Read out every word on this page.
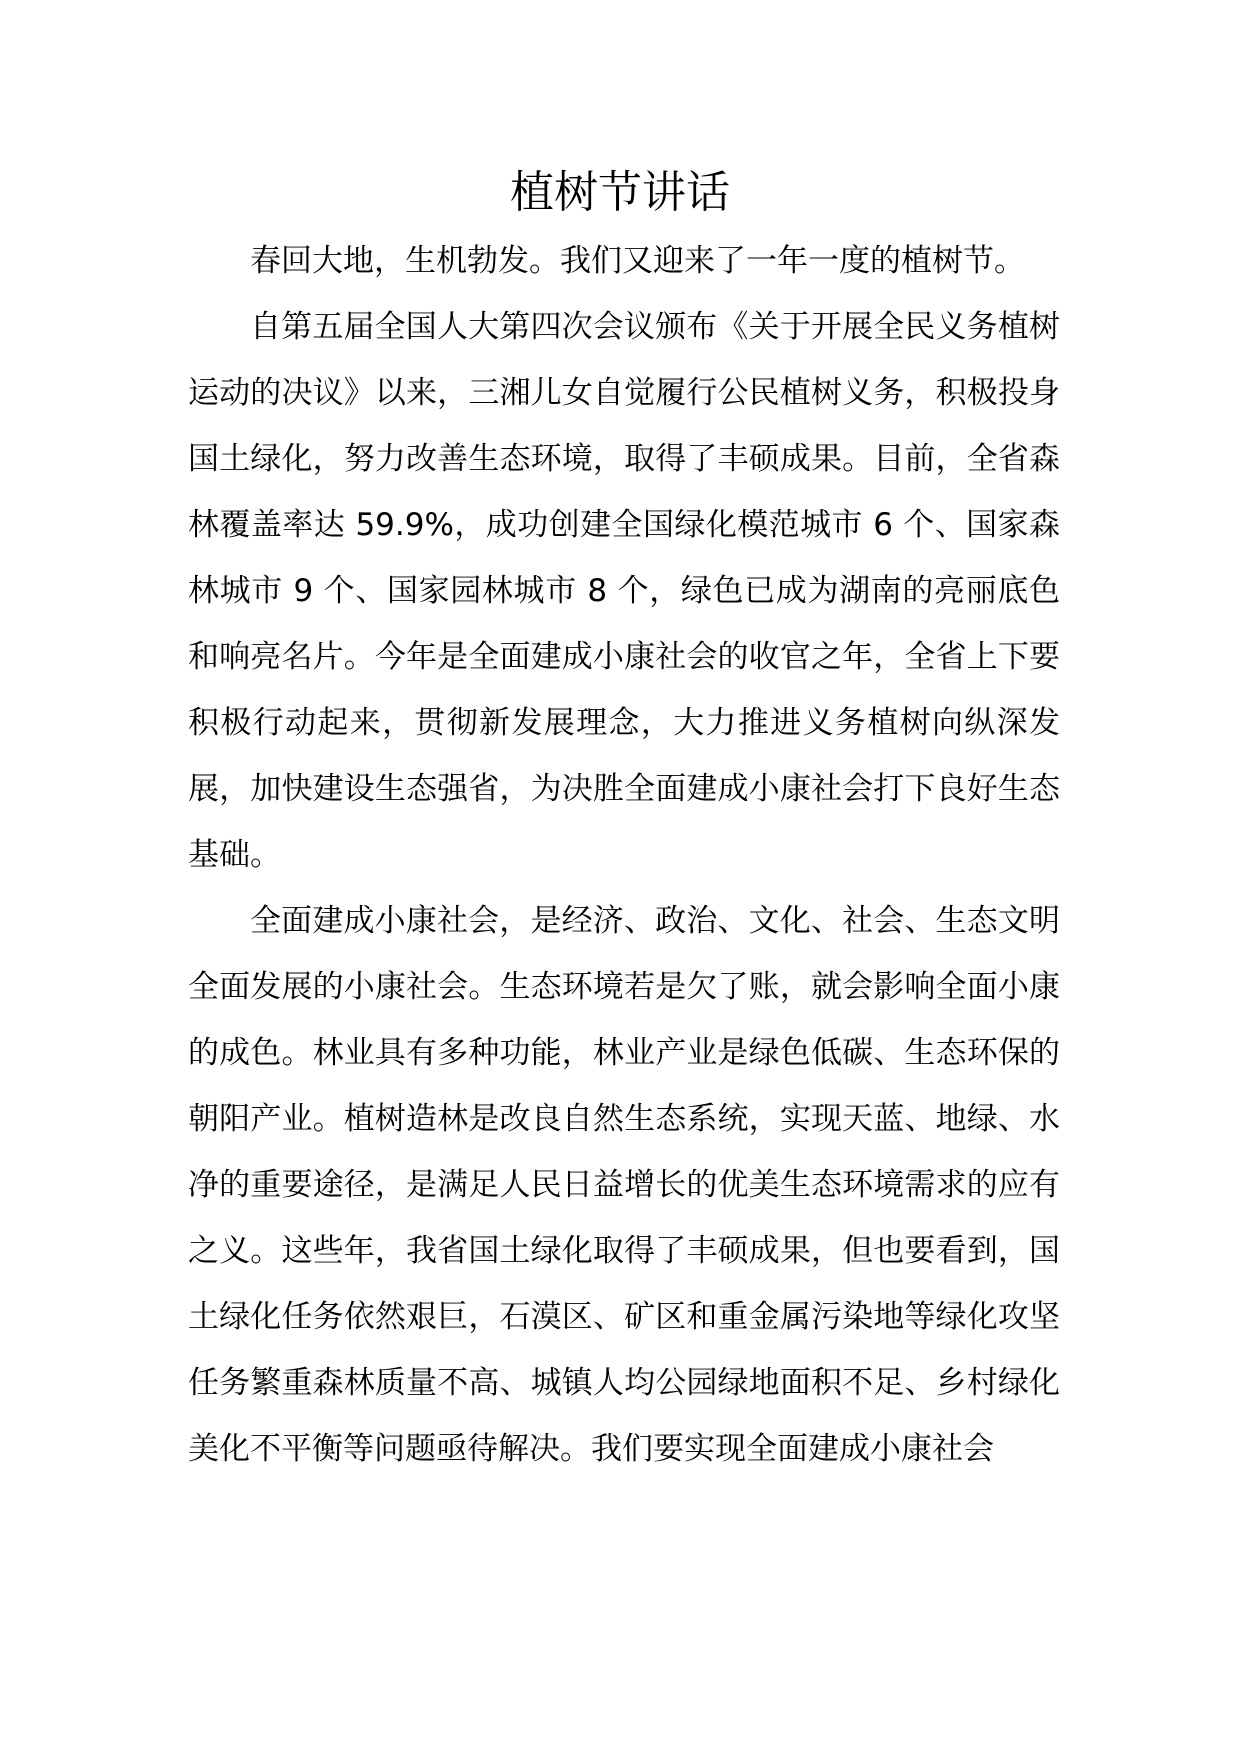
植树节讲话

春回大地，生机勃发。我们又迎来了一年一度的植树节。

自第五届全国人大第四次会议颁布《关于开展全民义务植树运动的决议》以来，三湘儿女自觉履行公民植树义务，积极投身国土绿化，努力改善生态环境，取得了丰硕成果。目前，全省森林覆盖率达 59.9%，成功创建全国绿化模范城市 6 个、国家森林城市 9 个、国家园林城市 8 个，绿色已成为湖南的亮丽底色和响亮名片。今年是全面建成小康社会的收官之年，全省上下要积极行动起来，贯彻新发展理念，大力推进义务植树向纵深发展，加快建设生态强省，为决胜全面建成小康社会打下良好生态基础。

全面建成小康社会，是经济、政治、文化、社会、生态文明全面发展的小康社会。生态环境若是欠了账，就会影响全面小康的成色。林业具有多种功能，林业产业是绿色低碳、生态环保的朝阳产业。植树造林是改良自然生态系统，实现天蓝、地绿、水净的重要途径，是满足人民日益增长的优美生态环境需求的应有之义。这些年，我省国土绿化取得了丰硕成果，但也要看到，国土绿化任务依然艰巨，石漠区、矿区和重金属污染地等绿化攻坚任务繁重森林质量不高、城镇人均公园绿地面积不足、乡村绿化美化不平衡等问题亟待解决。我们要实现全面建成小康社会
